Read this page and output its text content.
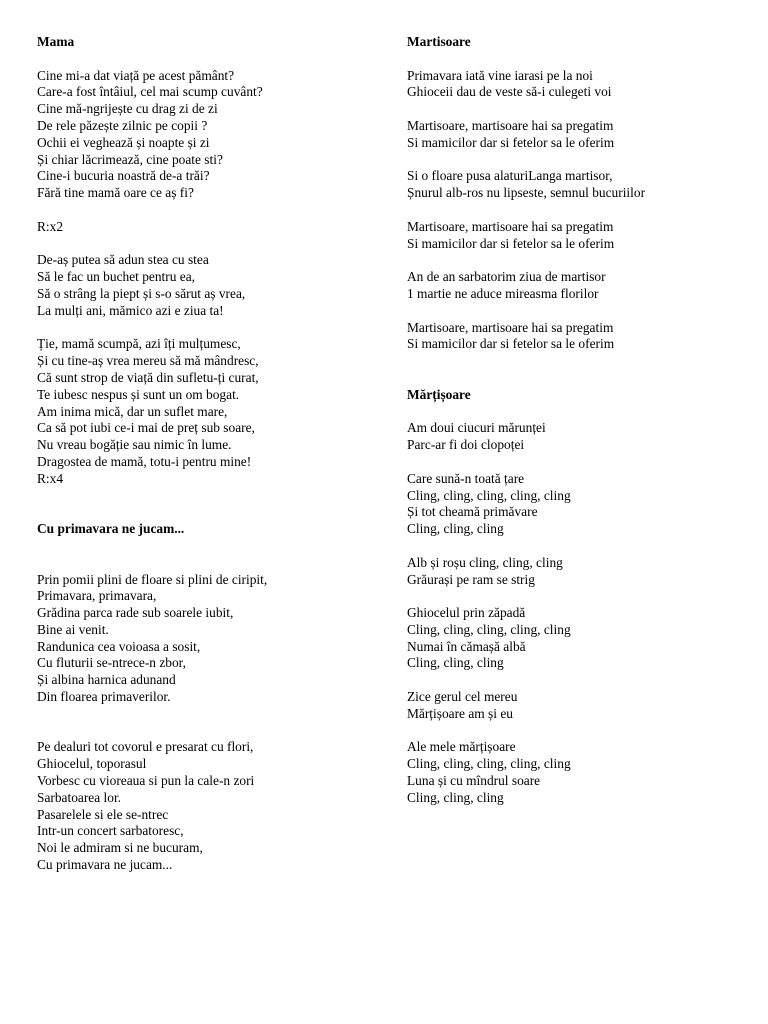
Mama
Cine mi-a dat viață pe acest pământ?
Care-a fost întâiul, cel mai scump cuvânt?
Cine mă-ngrijește cu drag zi de zi
De rele păzește zilnic pe copii ?
Ochii ei veghează și noapte și zi
Și chiar lăcrimează, cine poate sti?
Cine-i bucuria noastră de-a trăi?
Fără tine mamă oare ce aș fi?
R:x2
De-aș putea să adun stea cu stea
Să le fac un buchet pentru ea,
Să o strâng la piept și s-o sărut aș vrea,
La mulți ani, mămico azi e ziua ta!
Ție, mamă scumpă, azi îți mulțumesc,
Și cu tine-aș vrea mereu să mă mândresc,
Că sunt strop de viață din sufletu-ți curat,
Te iubesc nespus și sunt un om bogat.
Am inima mică, dar un suflet mare,
Ca să pot iubi ce-i mai de preț sub soare,
Nu vreau bogăție sau nimic în lume.
Dragostea de mamă, totu-i pentru mine!
R:x4
Cu primavara ne jucam...
Prin pomii plini de floare si plini de ciripit,
Primavara, primavara,
Grădina parca rade sub soarele iubit,
Bine ai venit.
Randunica cea voioasa a sosit,
Cu fluturii se-ntrece-n zbor,
Și albina harnica adunand
Din floarea primaverilor.
Pe dealuri tot covorul e presarat cu flori,
Ghiocelul, toporasul
Vorbesc cu vioreaua si pun la cale-n zori
Sarbatoarea lor.
Pasarelele si ele se-ntrec
Intr-un concert sarbatoresc,
Noi le admiram si ne bucuram,
Cu primavara ne jucam...
Martisoare
Primavara iată vine iarasi pe la noi
Ghioceii dau de veste să-i culegeti voi
Martisoare, martisoare hai sa pregatim
Si mamicilor dar si fetelor sa le oferim
Si o floare pusa alaturiLanga martisor,
Șnurul alb-ros nu lipseste, semnul bucuriilor
Martisoare, martisoare hai sa pregatim
Si mamicilor dar si fetelor sa le oferim
An de an sarbatorim ziua de martisor
1 martie ne aduce mireasma florilor
Martisoare, martisoare hai sa pregatim
Si mamicilor dar si fetelor sa le oferim
Mărțișoare
Am doui ciucuri mărunței
Parc-ar fi doi clopoței
Care sună-n toată țare
Cling, cling, cling, cling, cling
Și tot cheamă primăvare
Cling, cling, cling
Alb și roșu cling, cling, cling
Grăurași pe ram se strig
Ghiocelul prin zăpadă
Cling, cling, cling, cling, cling
Numai în cămașă albă
Cling, cling, cling
Zice gerul cel mereu
Mărțișoare am și eu
Ale mele mărțișoare
Cling, cling, cling, cling, cling
Luna și cu mîndrul soare
Cling, cling, cling
